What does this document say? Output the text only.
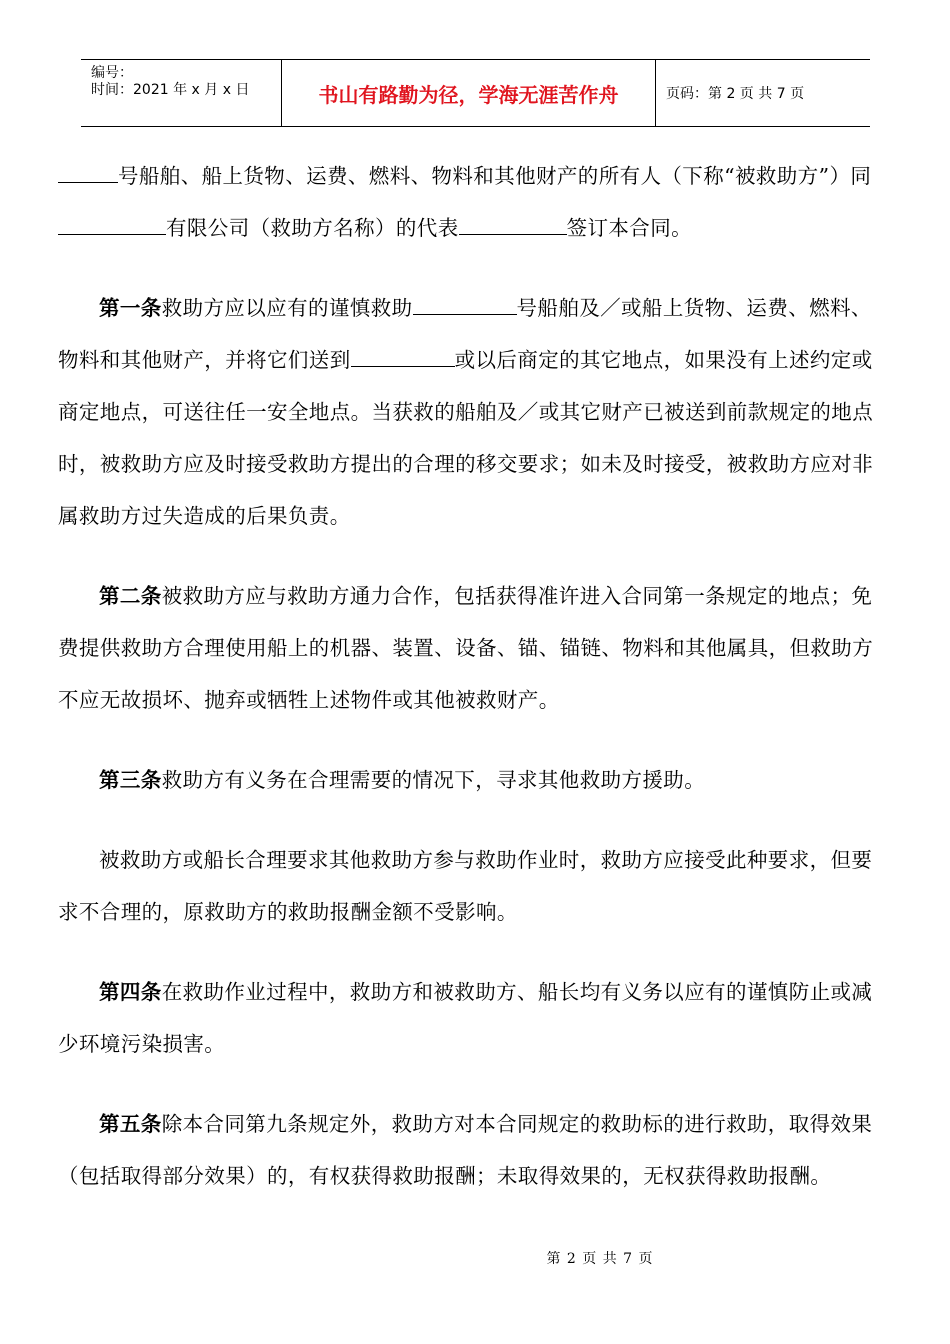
编号：
时间：2021 年 x 月 x 日	书山有路勤为径，学海无涯苦作舟	页码：第 2 页 共 7 页

号船舶、船上货物、运费、燃料、物料和其他财产的所有人（下称“被救助方”）同有限公司（救助方名称）的代表	签订本合同。

第一条救助方应以应有的谨慎救助	号船舶及／或船上货物、运费、燃料、物料和其他财产，并将它们送到	或以后商定的其它地点，如果没有上述约定或商定地点，可送往任一安全地点。当获救的船舶及／或其它财产已被送到前款规定的地点时，被救助方应及时接受救助方提出的合理的移交要求；如未及时接受，被救助方应对非属救助方过失造成的后果负责。

第二条被救助方应与救助方通力合作，包括获得准许进入合同第一条规定的地点；免费提供救助方合理使用船上的机器、装置、设备、锚、锚链、物料和其他属具，但救助方不应无故损坏、抛弃或牺牲上述物件或其他被救财产。

第三条救助方有义务在合理需要的情况下，寻求其他救助方援助。

被救助方或船长合理要求其他救助方参与救助作业时，救助方应接受此种要求，但要求不合理的，原救助方的救助报酬金额不受影响。

第四条在救助作业过程中，救助方和被救助方、船长均有义务以应有的谨慎防止或减少环境污染损害。

第五条除本合同第九条规定外，救助方对本合同规定的救助标的进行救助，取得效果（包括取得部分效果）的，有权获得救助报酬；未取得效果的，无权获得救助报酬。

第 2 页 共 7 页
